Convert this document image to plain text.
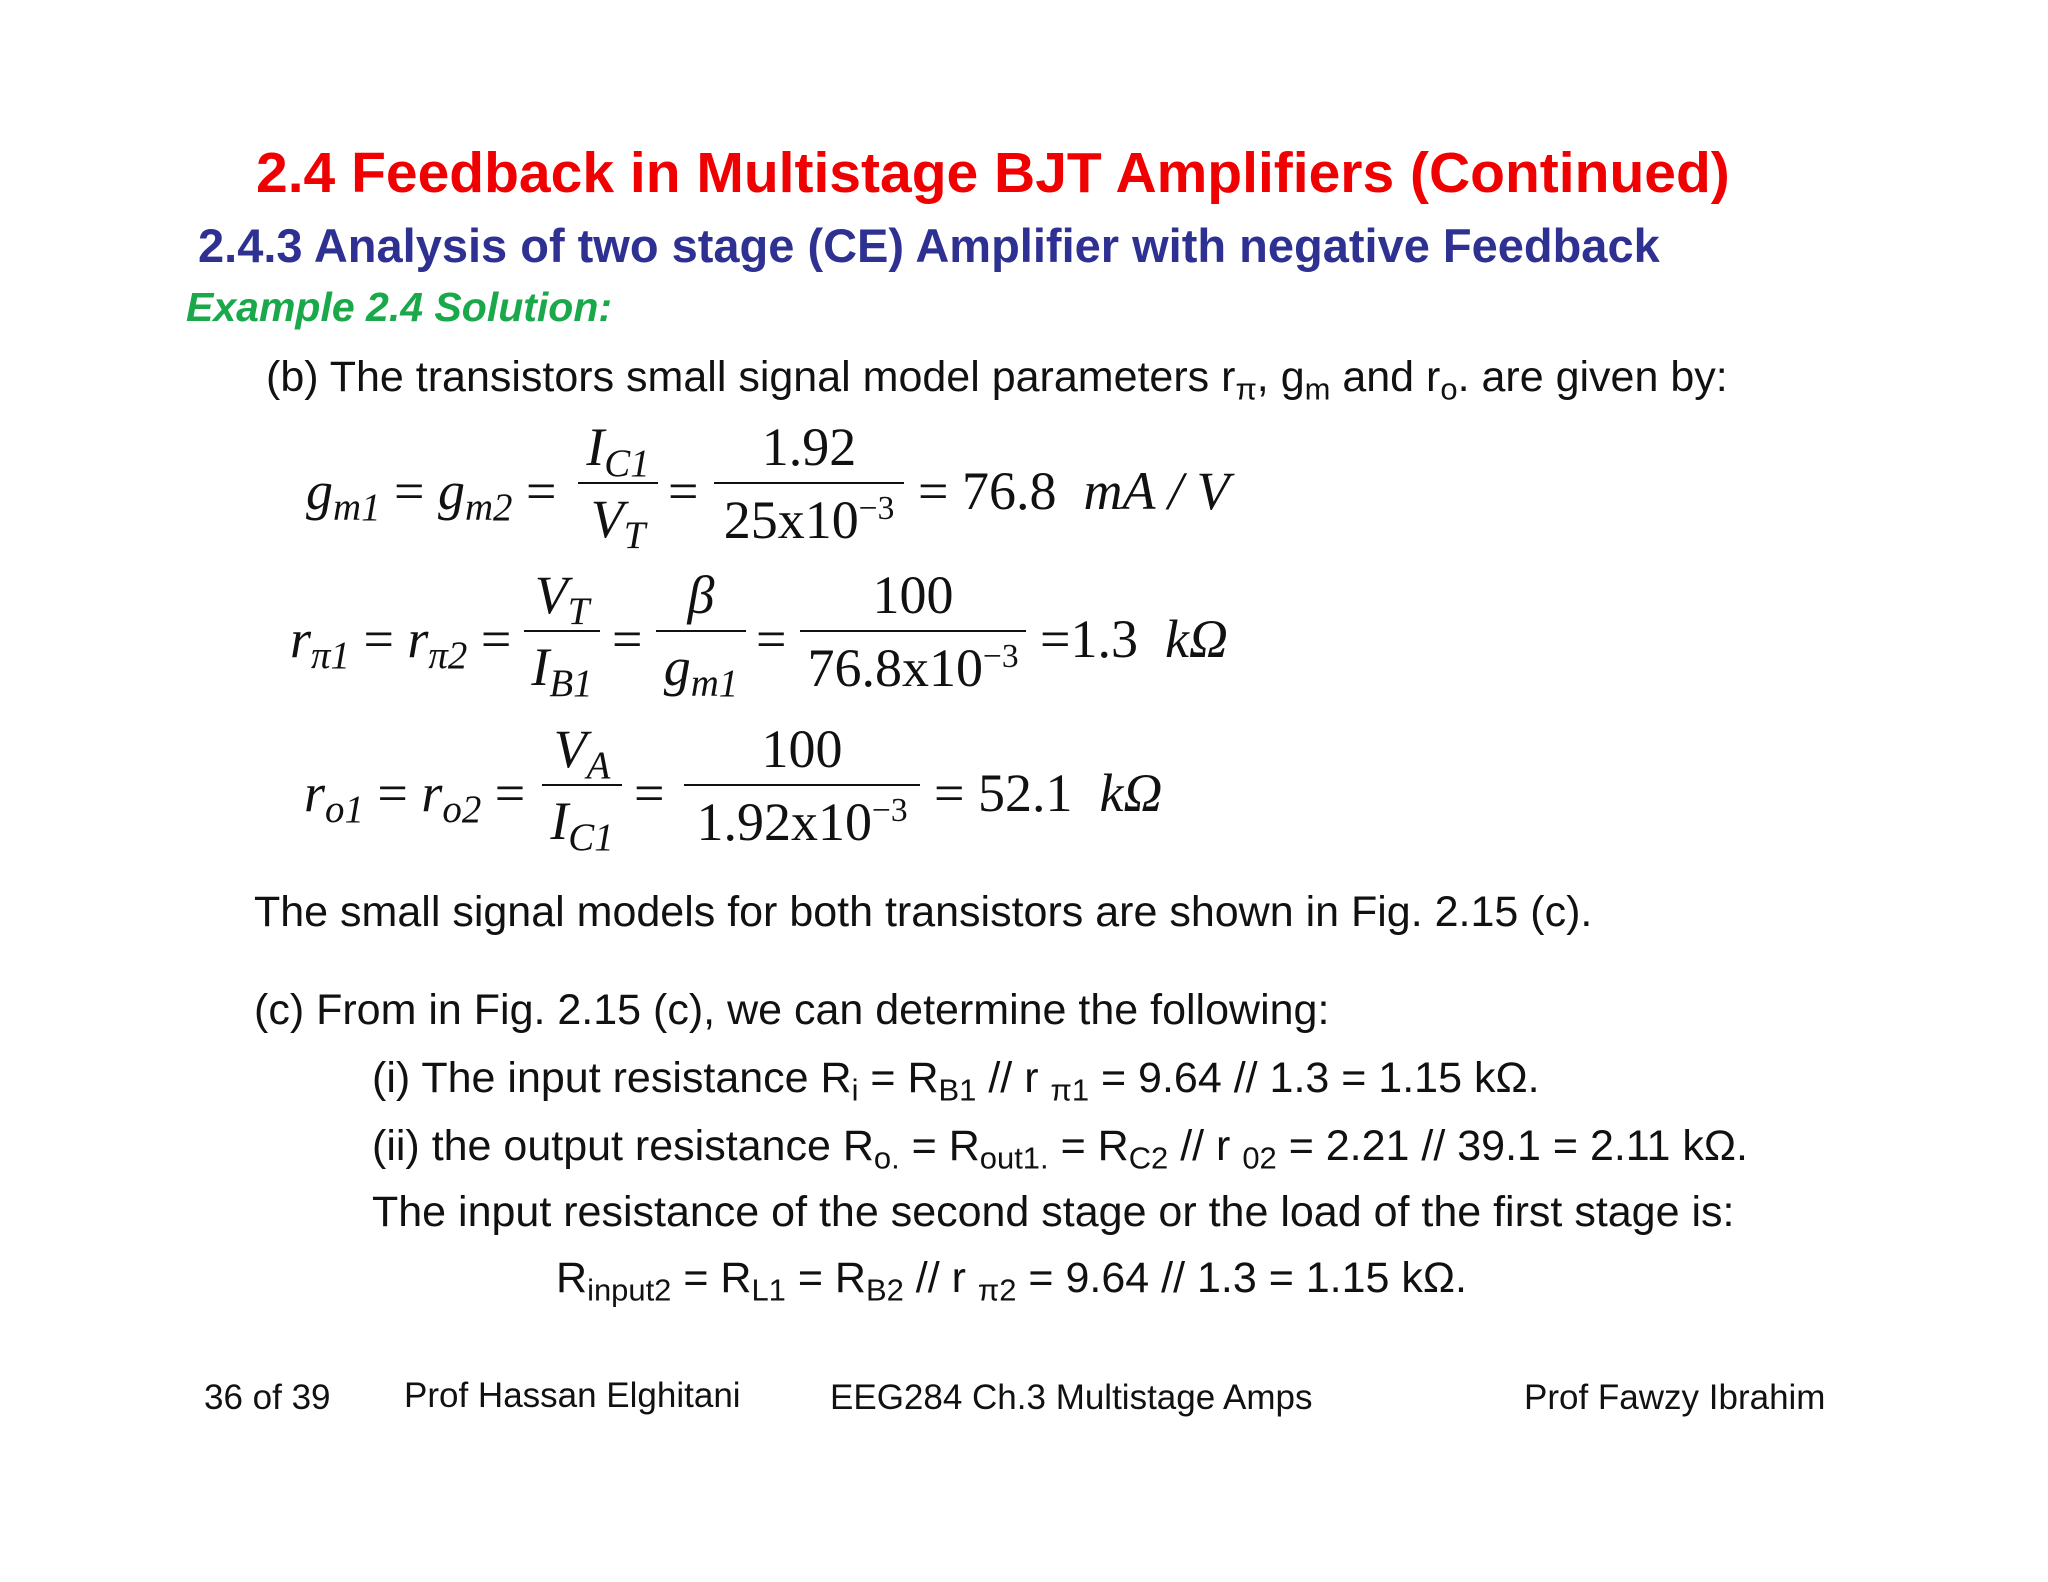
2.4 Feedback in Multistage BJT Amplifiers (Continued)
2.4.3 Analysis of two stage (CE) Amplifier with negative Feedback
Example 2.4 Solution:
(b) The transistors small signal model parameters $r_\pi$, $g_m$ and $r_o$. are given by:
$g_{m1} = g_{m2}$ =
$I_{C1}$
$V_T$
=
1.92
$25x10^{-3} = 76.8$ mA / V
$r_{\pi 1} = r_{\pi 2}$ =
$V_T$
$I_{B1}$
=
β
$g_{m1}$
=
100
$76.8x10^{-3} =1.3$ kΩ
$r_{o1} = r_{o2}$ =
$V_A$
$I_{C1}$
=
100
$1.92x10^{-3} = 52.1$ kΩ
The small signal models for both transistors are shown in Fig. 2.15 (c).
(c) From in Fig. 2.15 (c), we can determine the following:
(i) The input resistance $R_i = R_{B1} // r$ $_{\pi 1}$ = 9.64 // 1.3 = 1.15 kΩ.
(ii) the output resistance $R_{o.} = R_{out1.} = R_{C2} // r$ $_{02}$ = 2.21 // 39.1 = 2.11 kΩ.
The input resistance of the second stage or the load of the first stage is:
$R_{input2} = R_{L1} = R_{B2} // r$ $_{\pi 2}$ = 9.64 // 1.3 = 1.15 kΩ.
36 of 39 Prof Hassan Elghitani	EEG284 Ch.3 Multistage Amps	Prof Fawzy Ibrahim
